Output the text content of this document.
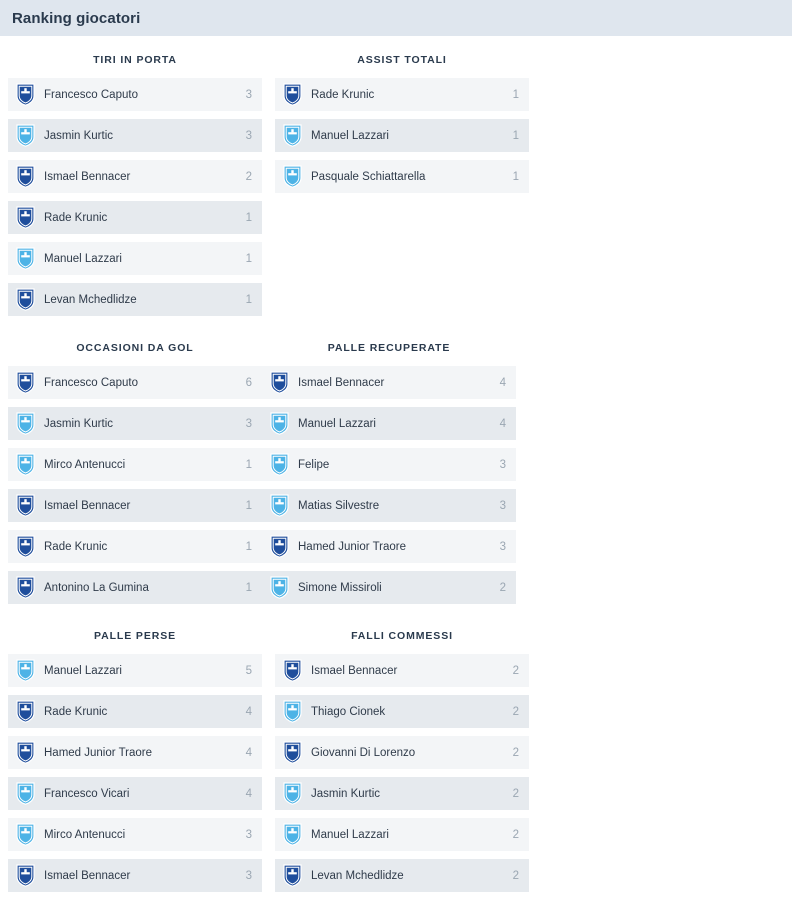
Ranking giocatori
TIRI IN PORTA
Francesco Caputo	3
Jasmin Kurtic	3
Ismael Bennacer	2
Rade Krunic	1
Manuel Lazzari	1
Levan Mchedlidze	1
ASSIST TOTALI
Rade Krunic	1
Manuel Lazzari	1
Pasquale Schiattarella	1
OCCASIONI DA GOL
Francesco Caputo	6
Jasmin Kurtic	3
Mirco Antenucci	1
Ismael Bennacer	1
Rade Krunic	1
Antonino La Gumina	1
PALLE RECUPERATE
Ismael Bennacer	4
Manuel Lazzari	4
Felipe	3
Matias Silvestre	3
Hamed Junior Traore	3
Simone Missiroli	2
PALLE PERSE
Manuel Lazzari	5
Rade Krunic	4
Hamed Junior Traore	4
Francesco Vicari	4
Mirco Antenucci	3
Ismael Bennacer	3
FALLI COMMESSI
Ismael Bennacer	2
Thiago Cionek	2
Giovanni Di Lorenzo	2
Jasmin Kurtic	2
Manuel Lazzari	2
Levan Mchedlidze	2
